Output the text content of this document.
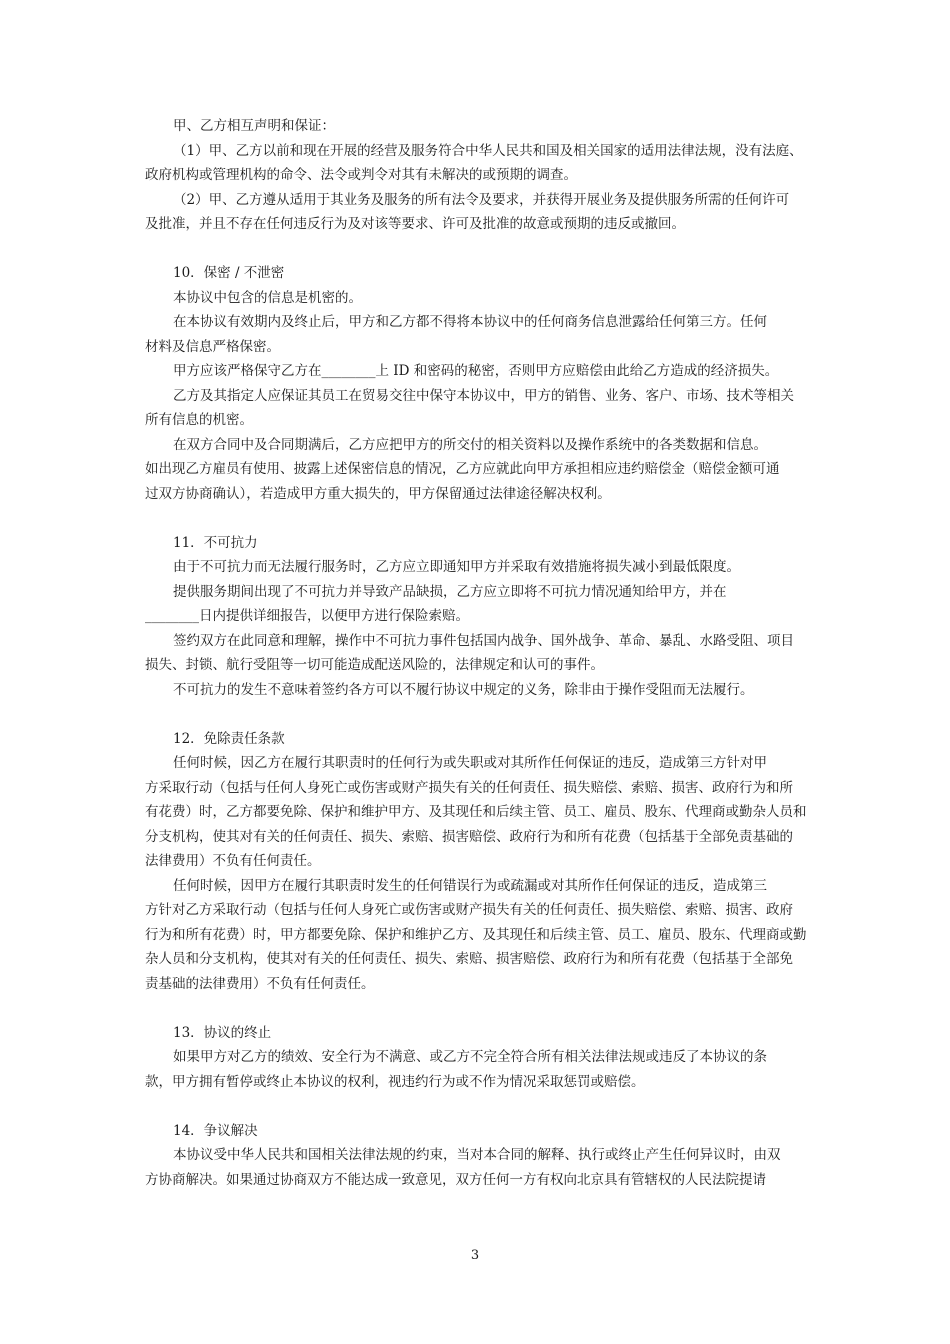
甲、乙方相互声明和保证：
（1）甲、乙方以前和现在开展的经营及服务符合中华人民共和国及相关国家的适用法律法规，没有法庭、
政府机构或管理机构的命令、法令或判令对其有未解决的或预期的调查。
（2）甲、乙方遵从适用于其业务及服务的所有法令及要求，并获得开展业务及提供服务所需的任何许可
及批准，并且不存在任何违反行为及对该等要求、许可及批准的故意或预期的违反或撤回。
10．保密 / 不泄密
本协议中包含的信息是机密的。
在本协议有效期内及终止后，甲方和乙方都不得将本协议中的任何商务信息泄露给任何第三方。任何
材料及信息严格保密。
甲方应该严格保守乙方在________上 ID 和密码的秘密，否则甲方应赔偿由此给乙方造成的经济损失。
乙方及其指定人应保证其员工在贸易交往中保守本协议中，甲方的销售、业务、客户、市场、技术等相关
所有信息的机密。
在双方合同中及合同期满后，乙方应把甲方的所交付的相关资料以及操作系统中的各类数据和信息。
如出现乙方雇员有使用、披露上述保密信息的情况，乙方应就此向甲方承担相应违约赔偿金（赔偿金额可通
过双方协商确认），若造成甲方重大损失的，甲方保留通过法律途径解决权利。
11．不可抗力
由于不可抗力而无法履行服务时，乙方应立即通知甲方并采取有效措施将损失减小到最低限度。
提供服务期间出现了不可抗力并导致产品缺损，乙方应立即将不可抗力情况通知给甲方，并在
________日内提供详细报告，以便甲方进行保险索赔。
签约双方在此同意和理解，操作中不可抗力事件包括国内战争、国外战争、革命、暴乱、水路受阻、项目
损失、封锁、航行受阻等一切可能造成配送风险的，法律规定和认可的事件。
不可抗力的发生不意味着签约各方可以不履行协议中规定的义务，除非由于操作受阻而无法履行。
12．免除责任条款
任何时候，因乙方在履行其职责时的任何行为或失职或对其所作任何保证的违反，造成第三方针对甲
方采取行动（包括与任何人身死亡或伤害或财产损失有关的任何责任、损失赔偿、索赔、损害、政府行为和所
有花费）时，乙方都要免除、保护和维护甲方、及其现任和后续主管、员工、雇员、股东、代理商或勤杂人员和
分支机构，使其对有关的任何责任、损失、索赔、损害赔偿、政府行为和所有花费（包括基于全部免责基础的
法律费用）不负有任何责任。
任何时候，因甲方在履行其职责时发生的任何错误行为或疏漏或对其所作任何保证的违反，造成第三
方针对乙方采取行动（包括与任何人身死亡或伤害或财产损失有关的任何责任、损失赔偿、索赔、损害、政府
行为和所有花费）时，甲方都要免除、保护和维护乙方、及其现任和后续主管、员工、雇员、股东、代理商或勤
杂人员和分支机构，使其对有关的任何责任、损失、索赔、损害赔偿、政府行为和所有花费（包括基于全部免
责基础的法律费用）不负有任何责任。
13．协议的终止
如果甲方对乙方的绩效、安全行为不满意、或乙方不完全符合所有相关法律法规或违反了本协议的条
款，甲方拥有暂停或终止本协议的权利，视违约行为或不作为情况采取惩罚或赔偿。
14．争议解决
本协议受中华人民共和国相关法律法规的约束，当对本合同的解释、执行或终止产生任何异议时，由双
方协商解决。如果通过协商双方不能达成一致意见，双方任何一方有权向北京具有管辖权的人民法院提请
3
